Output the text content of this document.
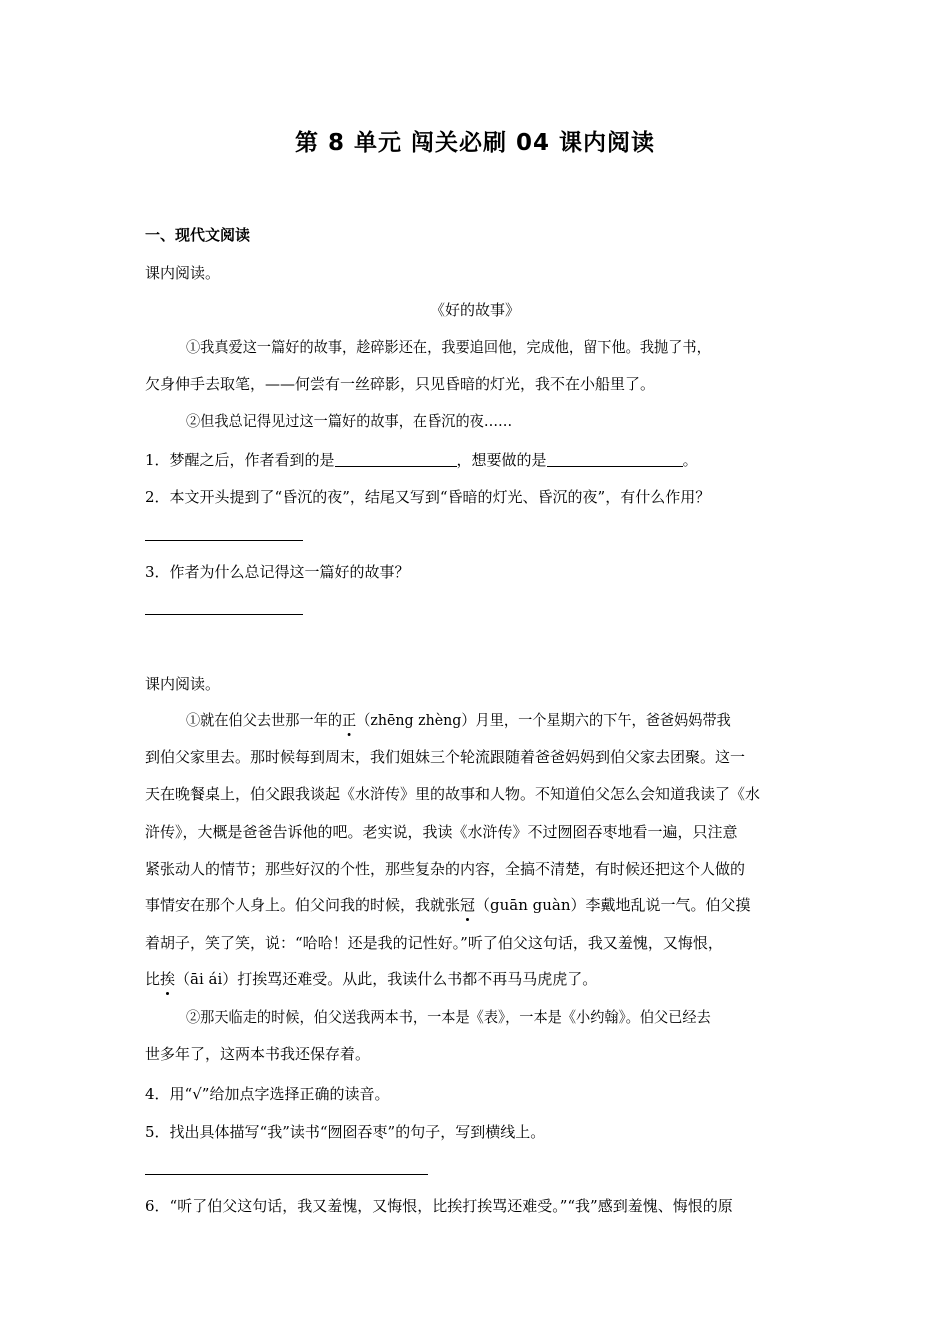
第 8 单元 闯关必刷 04 课内阅读
一、现代文阅读
课内阅读。
《好的故事》
①我真爱这一篇好的故事，趁碎影还在，我要追回他，完成他，留下他。我抛了书，
欠身伸手去取笔，——何尝有一丝碎影，只见昏暗的灯光，我不在小船里了。
②但我总记得见过这一篇好的故事，在昏沉的夜……
1．梦醒之后，作者看到的是	，想要做的是	。
2．本文开头提到了“昏沉的夜”，结尾又写到“昏暗的灯光、昏沉的夜”，有什么作用？
3．作者为什么总记得这一篇好的故事？
课内阅读。
①就在伯父去世那一年的正（zhēng zhèng）月里，一个星期六的下午，爸爸妈妈带我
到伯父家里去。那时候每到周末，我们姐妹三个轮流跟随着爸爸妈妈到伯父家去团聚。这一
天在晚餐桌上，伯父跟我谈起《水浒传》里的故事和人物。不知道伯父怎么会知道我读了《水
浒传》，大概是爸爸告诉他的吧。老实说，我读《水浒传》不过囫囵吞枣地看一遍，只注意
紧张动人的情节；那些好汉的个性，那些复杂的内容，全搞不清楚，有时候还把这个人做的
事情安在那个人身上。伯父问我的时候，我就张冠（guān guàn）李戴地乱说一气。伯父摸
着胡子，笑了笑，说：“哈哈！还是我的记性好。”听了伯父这句话，我又羞愧，又悔恨，
比挨（āi ái）打挨骂还难受。从此，我读什么书都不再马马虎虎了。
②那天临走的时候，伯父送我两本书，一本是《表》，一本是《小约翰》。伯父已经去
世多年了，这两本书我还保存着。
4．用“√”给加点字选择正确的读音。
5．找出具体描写“我”读书“囫囵吞枣”的句子，写到横线上。
6．“听了伯父这句话，我又羞愧，又悔恨，比挨打挨骂还难受。”“我”感到羞愧、悔恨的原
